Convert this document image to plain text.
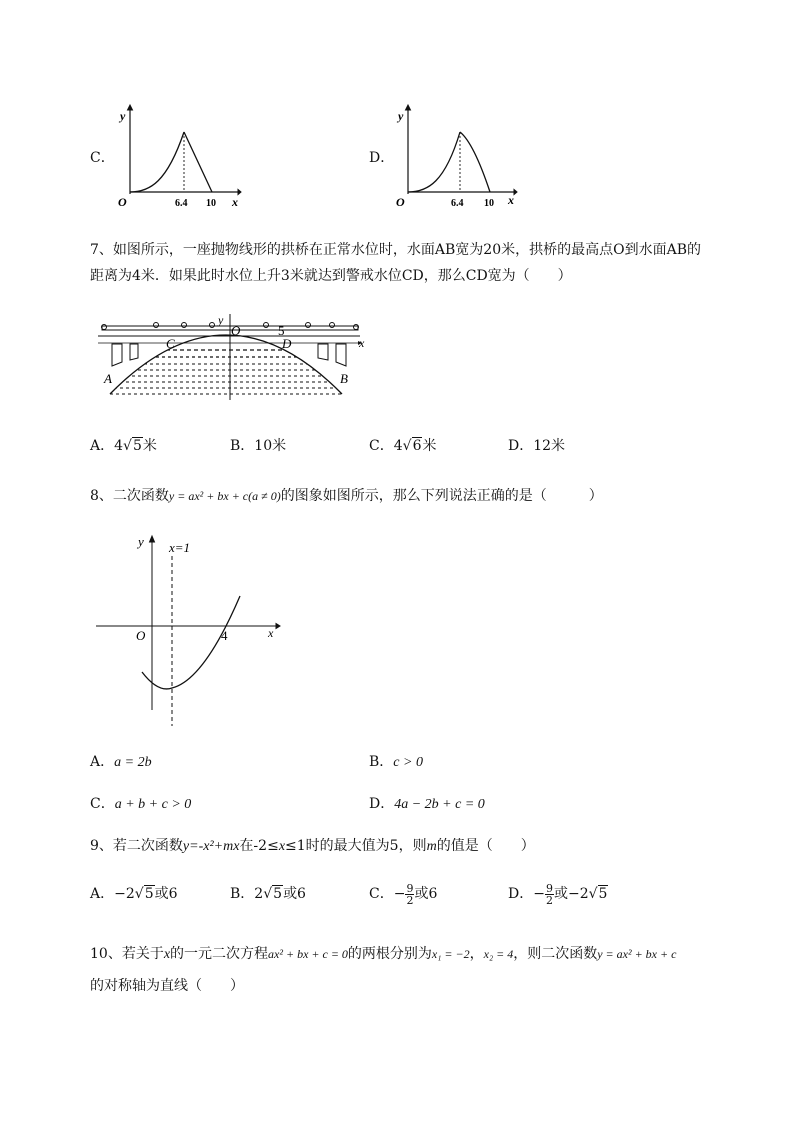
C．
y
x
O	6.4 10
D．
y
x
O	6.4 10
7、如图所示，一座抛物线形的拱桥在正常水位时，水面AB宽为20米，拱桥的最高点O到水面AB的
距离为4米．如果此时水位上升3米就达到警戒水位CD，那么CD宽为（　　）
y
O	5
x
C	D
A	B
A．4√5米	B．10米	C．4√6米	D．12米
8、二次函数y = ax² + bx + c(a ≠ 0)的图象如图所示，那么下列说法正确的是（　　　）
y
x
O	4
x=1
A．a = 2b	B．c > 0
C．a + b + c > 0	D．4a − 2b + c = 0
9、若二次函数y=-x²+mx在-2≤x≤1时的最大值为5，则m的值是（　　）
A．−2√5或6	B．2√5或6	C．− $\frac{9}{2}$ 或6	D．− $\frac{9}{2}$ 或−2√5
10、若关于x的一元二次方程ax² + bx + c = 0的两根分别为x₁ = −2，x₂ = 4，则二次函数y = ax² + bx + c
的对称轴为直线（　　）
